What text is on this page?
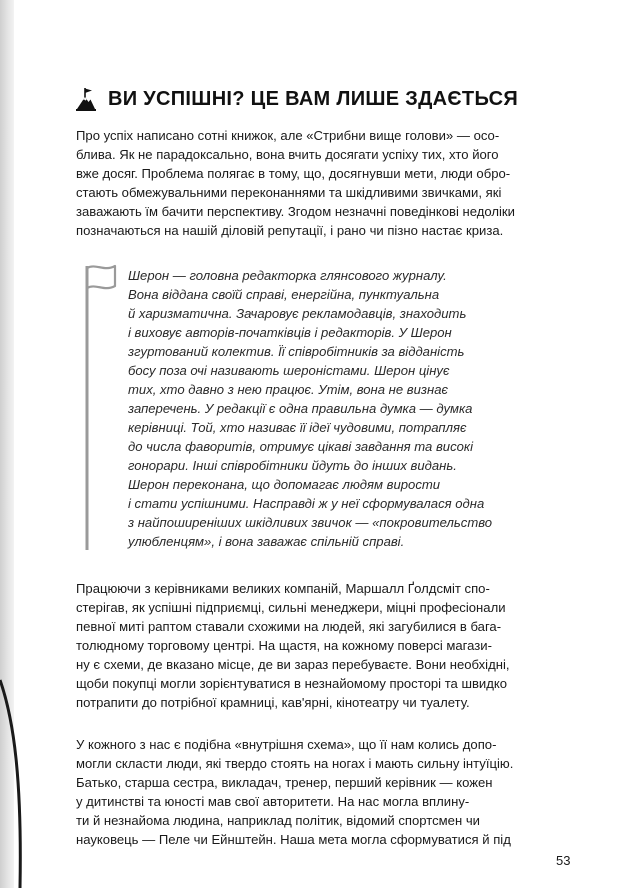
ВИ УСПІШНІ? ЦЕ ВАМ ЛИШЕ ЗДАЄТЬСЯ

Про успіх написано сотні книжок, але «Стрибни вище голови» — осо-
блива. Як не парадоксально, вона вчить досягати успіху тих, хто його
вже досяг. Проблема полягає в тому, що, досягнувши мети, люди обро-
стають обмежувальними переконаннями та шкідливими звичками, які
заважають їм бачити перспективу. Згодом незначні поведінкові недоліки
позначаються на нашій діловій репутації, і рано чи пізно настає криза.

Шерон — головна редакторка глянсового журналу.
Вона віддана своїй справі, енергійна, пунктуальна
й харизматична. Зачаровує рекламодавців, знаходить
і виховує авторів-початківців і редакторів. У Шерон
згуртований колектив. Її співробітників за відданість
босу поза очі називають шероністами. Шерон цінує
тих, хто давно з нею працює. Утім, вона не визнає
заперечень. У редакції є одна правильна думка — думка
керівниці. Той, хто називає її ідеї чудовими, потрапляє
до числа фаворитів, отримує цікаві завдання та високі
гонорари. Інші співробітники йдуть до інших видань.
Шерон переконана, що допомагає людям вирости
і стати успішними. Насправді ж у неї сформувалася одна
з найпоширеніших шкідливих звичок — «покровительство
улюбленцям», і вона заважає спільній справі.

Працюючи з керівниками великих компаній, Маршалл Ґолдсміт спо-
стерігав, як успішні підприємці, сильні менеджери, міцні професіонали
певної миті раптом ставали схожими на людей, які загубилися в бага-
толюдному торговому центрі. На щастя, на кожному поверсі магази-
ну є схеми, де вказано місце, де ви зараз перебуваєте. Вони необхідні,
щоби покупці могли зорієнтуватися в незнайомому просторі та швидко
потрапити до потрібної крамниці, кав'ярні, кінотеатру чи туалету.

У кожного з нас є подібна «внутрішня схема», що її нам колись допо-
могли скласти люди, які твердо стоять на ногах і мають сильну інтуїцію.
Батько, старша сестра, викладач, тренер, перший керівник — кожен
у дитинстві та юності мав свої авторитети. На нас могла вплину-
ти й незнайома людина, наприклад політик, відомий спортсмен чи
науковець — Пеле чи Ейнштейн. Наша мета могла сформуватися й під

53
